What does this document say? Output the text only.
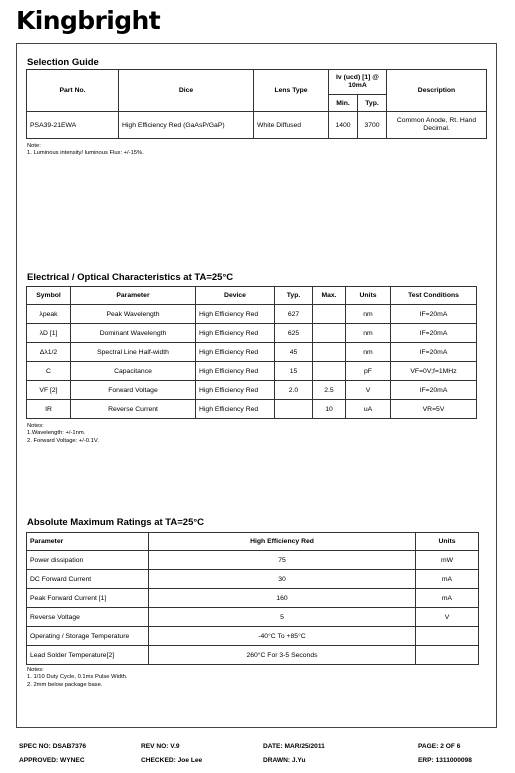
Kingbright
Selection Guide
Part No.	Dice	Lens Type	Iv (ucd) [1] @ 10mA		Description
			Min.	Typ.	
PSA39-21EWA	High Efficiency Red (GaAsP/GaP)	White Diffused	1400	3700	Common Anode, Rt. Hand Decimal.
Note:
1. Luminous intensity/ luminous Flux: +/-15%.
Electrical / Optical Characteristics at TA=25°C
Symbol	Parameter	Device	Typ.	Max.	Units	Test Conditions
λpeak	Peak Wavelength	High Efficiency Red	627		nm	IF=20mA
λD [1]	Dominant Wavelength	High Efficiency Red	625		nm	IF=20mA
Δλ1/2	Spectral Line Half-width	High Efficiency Red	45		nm	IF=20mA
C	Capacitance	High Efficiency Red	15		pF	VF=0V;f=1MHz
VF [2]	Forward Voltage	High Efficiency Red	2.0	2.5	V	IF=20mA
IR	Reverse Current	High Efficiency Red		10	uA	VR=5V
Notes:
1.Wavelength: +/-1nm.
2. Forward Voltage: +/-0.1V.
Absolute Maximum Ratings at TA=25°C
Parameter	High Efficiency Red	Units
Power dissipation	75	mW
DC Forward Current	30	mA
Peak Forward Current [1]	160	mA
Reverse Voltage	5	V
Operating / Storage Temperature	-40°C To +85°C	
Lead Solder Temperature[2]	260°C For 3-5 Seconds	
Notes:
1. 1/10 Duty Cycle, 0.1ms Pulse Width.
2. 2mm below package base.
SPEC NO: DSAB7376	REV NO: V.9	DATE: MAR/25/2011	PAGE: 2 OF 6
APPROVED: WYNEC	CHECKED: Joe Lee	DRAWN: J.Yu	ERP: 1311000098
